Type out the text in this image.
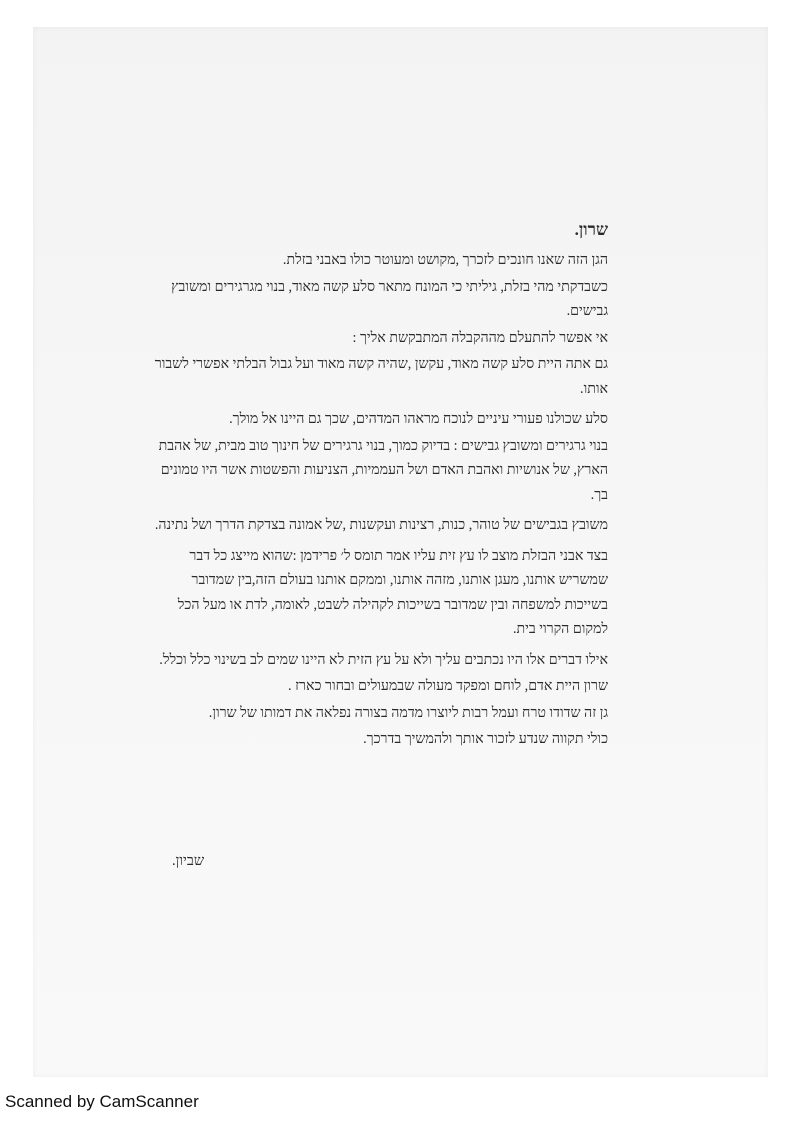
שרון.
הגן הזה שאנו חונכים לזכרך ,מקושט ומעוטר כולו באבני בזלת.
כשבדקתי מהי בזלת, גיליתי כי המונח מתאר סלע קשה מאוד, בנוי מגרגירים ומשובץ גבישים.
אי אפשר להתעלם מההקבלה המתבקשת אליך :
גם אתה היית סלע קשה מאוד, עקשן ,שהיה קשה מאוד ועל גבול הבלתי אפשרי לשבור אותו.
סלע שכולנו פעורי עיניים לנוכח מראהו המדהים, שכך גם היינו אל מולך.
בנוי גרגירים ומשובץ גבישים : בדיוק כמוך, בנוי גרגירים של חינוך טוב מבית, של אהבת הארץ, של אנושיות ואהבת האדם ושל העממיות, הצניעות והפשטות אשר היו טמונים בך.
משובץ בגבישים של טוהר, כנות, רצינות ועקשנות ,של אמונה בצדקת הדרך ושל נתינה.
בצד אבני הבזלת מוצב לו עץ זית עליו אמר תומס ל׳ פרידמן :שהוא מייצג כל דבר שמשריש אותנו, מעגן אותנו, מזהה אותנו, וממקם אותנו בעולם הזה,בין שמדובר בשייכות למשפחה ובין שמדובר בשייכות לקהילה לשבט, לאומה, לדת או מעל הכל למקום הקרוי בית.
אילו דברים אלו היו נכתבים עליך ולא על עץ הזית לא היינו שמים לב בשינוי כלל וכלל.
שרון היית אדם, לוחם ומפקד מעולה שבמעולים ובחור כארז .
גן זה שדודו טרח ועמל רבות ליוצרו מדמה בצורה נפלאה את דמותו של שרון.
כולי תקווה שנדע לזכור אותך ולהמשיך בדרכך.
שביון.
Scanned by CamScanner
